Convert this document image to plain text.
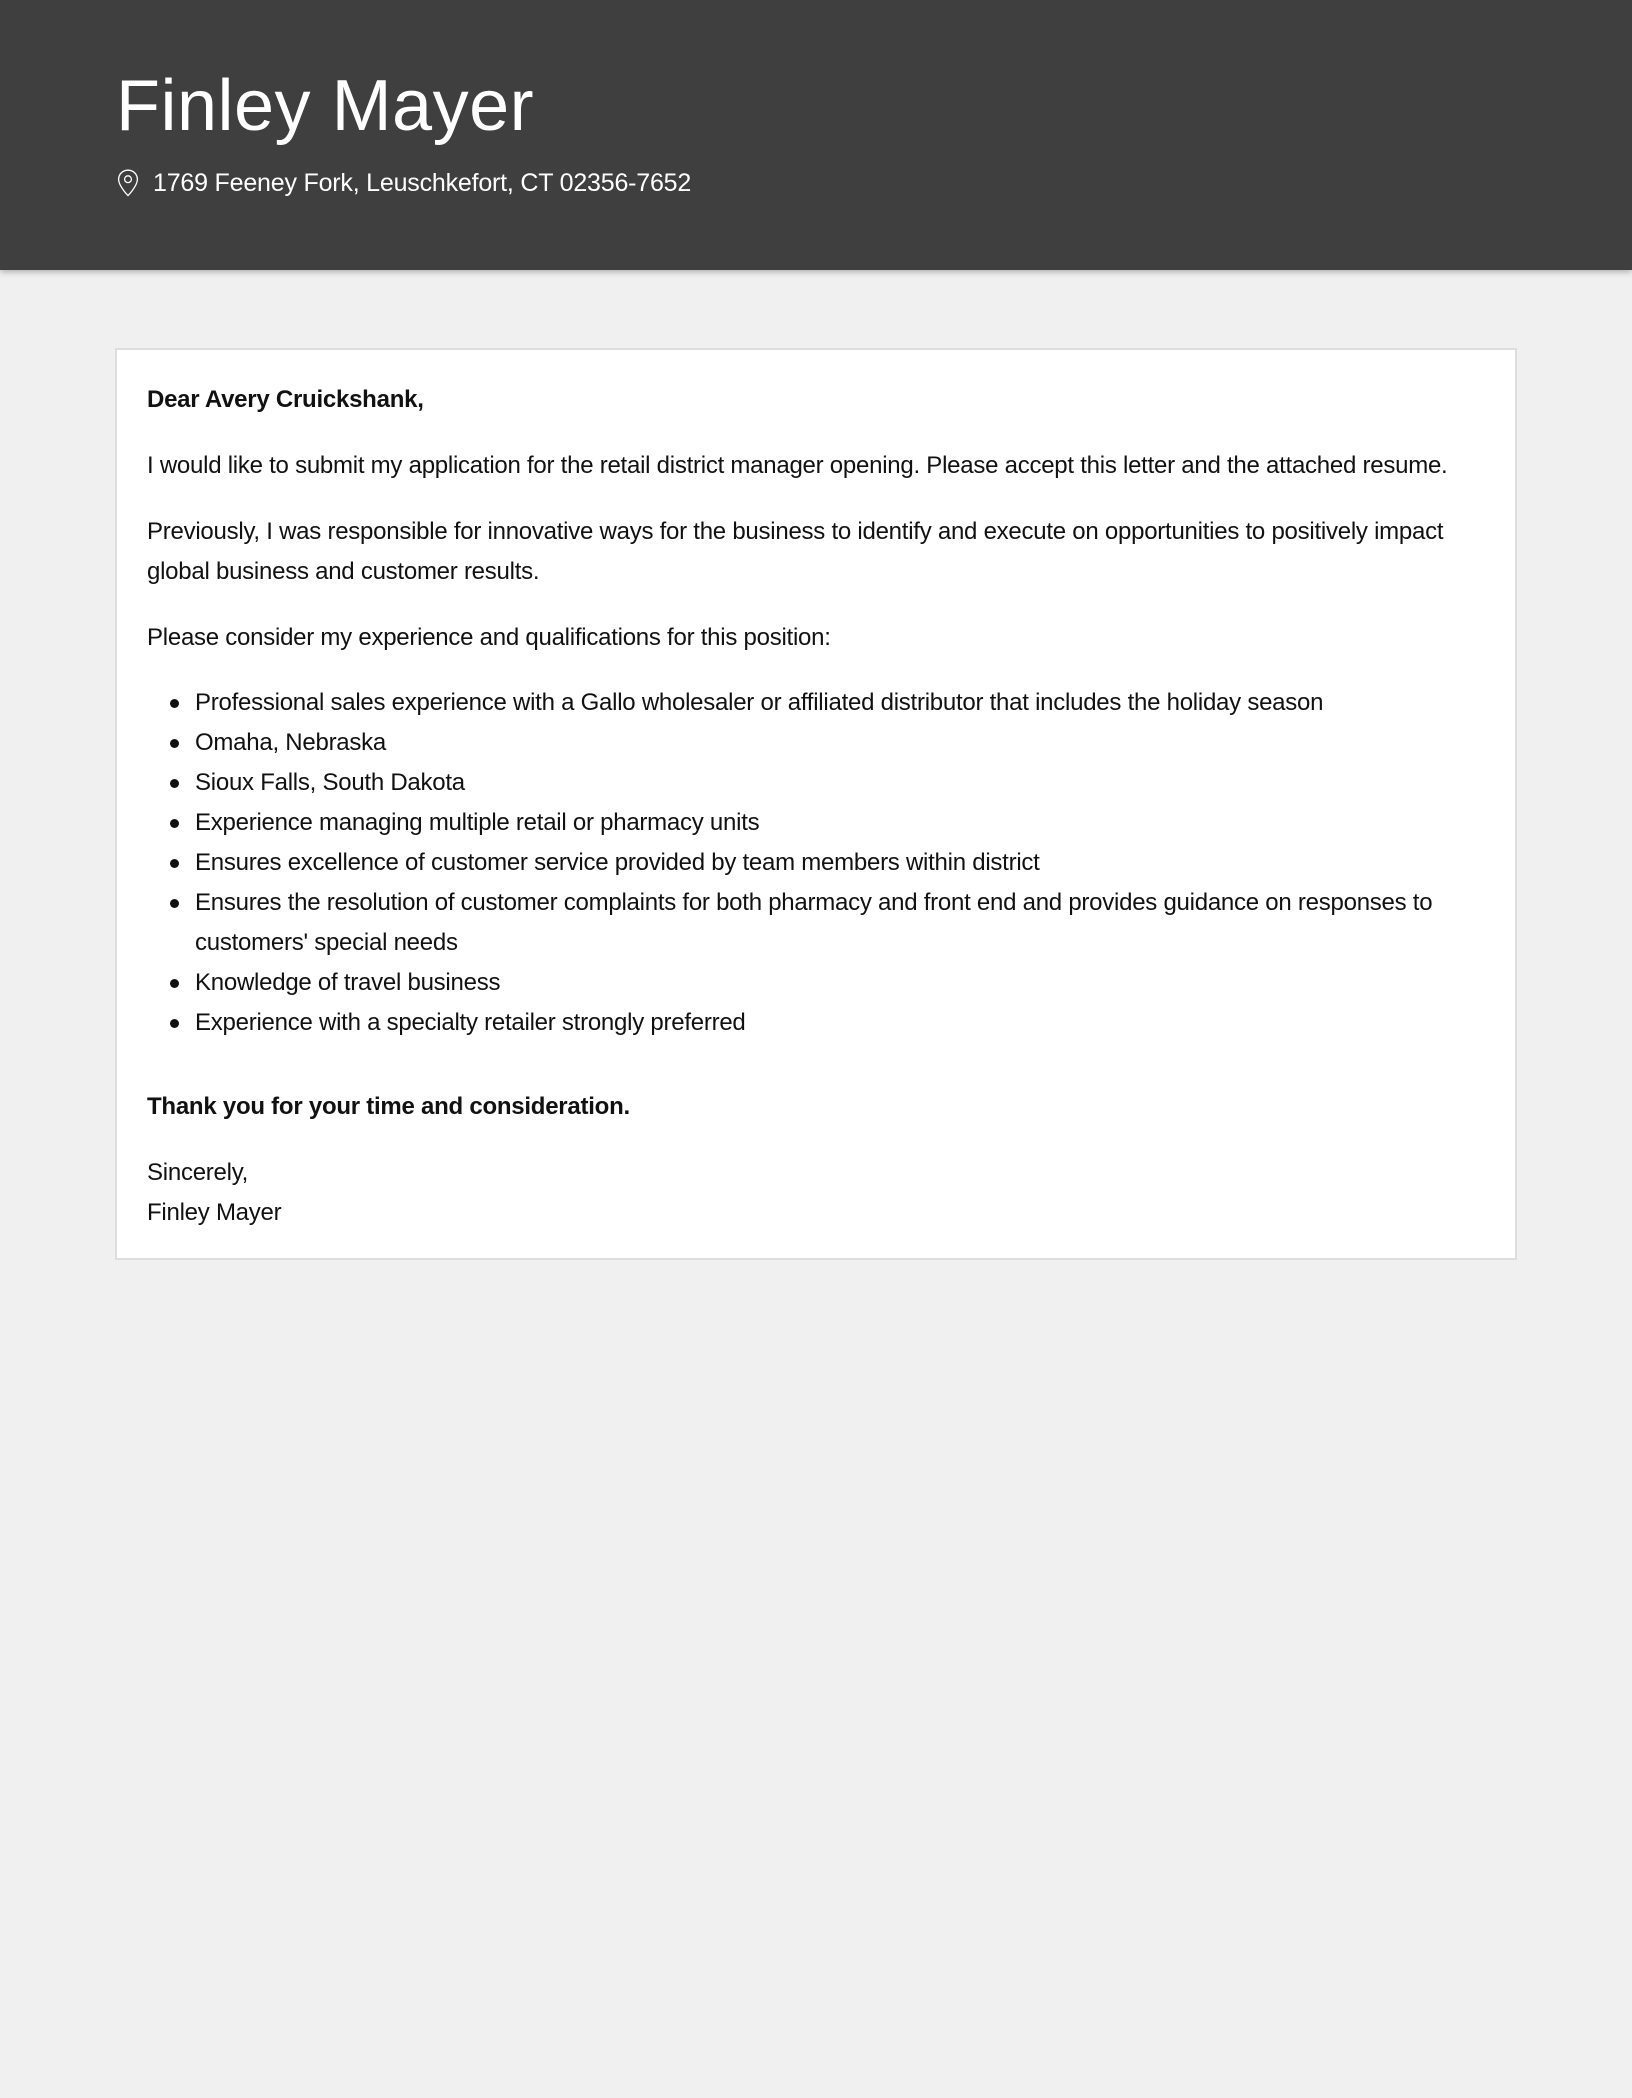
Finley Mayer
1769 Feeney Fork, Leuschkefort, CT 02356-7652

Dear Avery Cruickshank,

I would like to submit my application for the retail district manager opening. Please accept this letter and the attached resume.

Previously, I was responsible for innovative ways for the business to identify and execute on opportunities to positively impact global business and customer results.

Please consider my experience and qualifications for this position:

Professional sales experience with a Gallo wholesaler or affiliated distributor that includes the holiday season
Omaha, Nebraska
Sioux Falls, South Dakota
Experience managing multiple retail or pharmacy units
Ensures excellence of customer service provided by team members within district
Ensures the resolution of customer complaints for both pharmacy and front end and provides guidance on responses to customers' special needs
Knowledge of travel business
Experience with a specialty retailer strongly preferred

Thank you for your time and consideration.

Sincerely,

Finley Mayer
